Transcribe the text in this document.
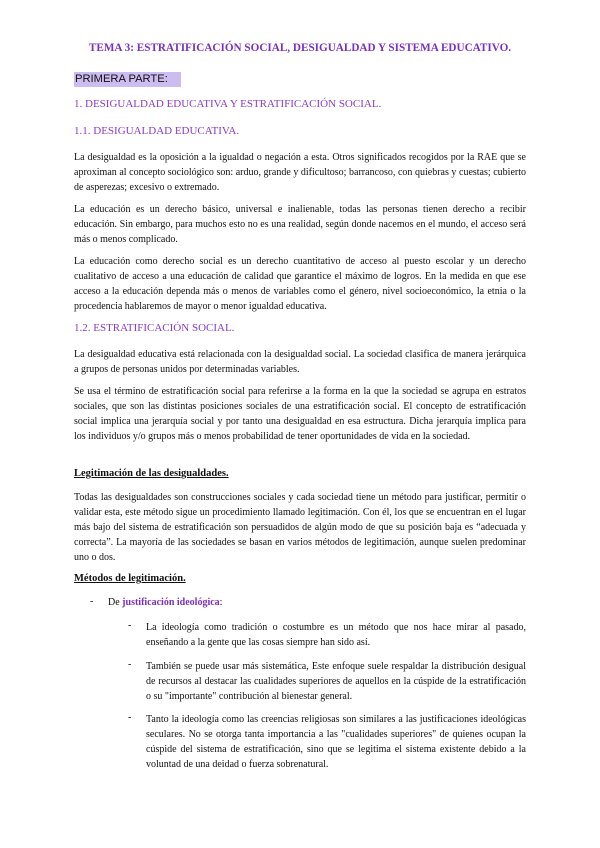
TEMA 3: ESTRATIFICACIÓN SOCIAL, DESIGUALDAD Y SISTEMA EDUCATIVO.
PRIMERA PARTE:
1. DESIGUALDAD EDUCATIVA Y ESTRATIFICACIÓN SOCIAL.
1.1. DESIGUALDAD EDUCATIVA.

La desigualdad es la oposición a la igualdad o negación a esta. Otros significados recogidos por la RAE que se aproximan al concepto sociológico son: arduo, grande y dificultoso; barrancoso, con quiebras y cuestas; cubierto de asperezas; excesivo o extremado.

La educación es un derecho básico, universal e inalienable, todas las personas tienen derecho a recibir educación. Sin embargo, para muchos esto no es una realidad, según donde nacemos en el mundo, el acceso será más o menos complicado.

La educación como derecho social es un derecho cuantitativo de acceso al puesto escolar y un derecho cualitativo de acceso a una educación de calidad que garantice el máximo de logros. En la medida en que ese acceso a la educación dependa más o menos de variables como el género, nivel socioeconómico, la etnia o la procedencia hablaremos de mayor o menor igualdad educativa.

1.2. ESTRATIFICACIÓN SOCIAL.

La desigualdad educativa está relacionada con la desigualdad social. La sociedad clasifica de manera jerárquica a grupos de personas unidos por determinadas variables.

Se usa el término de estratificación social para referirse a la forma en la que la sociedad se agrupa en estratos sociales, que son las distintas posiciones sociales de una estratificación social. El concepto de estratificación social implica una jerarquía social y por tanto una desigualdad en esa estructura. Dicha jerarquía implica para los individuos y/o grupos más o menos probabilidad de tener oportunidades de vida en la sociedad.

Legitimación de las desigualdades.

Todas las desigualdades son construcciones sociales y cada sociedad tiene un método para justificar, permitir o validar esta, este método sigue un procedimiento llamado legitimación. Con él, los que se encuentran en el lugar más bajo del sistema de estratificación son persuadidos de algún modo de que su posición baja es “adecuada y correcta”. La mayoría de las sociedades se basan en varios métodos de legitimación, aunque suelen predominar uno o dos.

Métodos de legitimación.
- De justificación ideológica:
- La ideología como tradición o costumbre es un método que nos hace mirar al pasado, enseñando a la gente que las cosas siempre han sido así.

- También se puede usar más sistemática, Este enfoque suele respaldar la distribución desigual de recursos al destacar las cualidades superiores de aquellos en la cúspide de la estratificación o su "importante" contribución al bienestar general.

- Tanto la ideología como las creencias religiosas son similares a las justificaciones ideológicas seculares. No se otorga tanta importancia a las "cualidades superiores" de quienes ocupan la cúspide del sistema de estratificación, sino que se legitima el sistema existente debido a la voluntad de una deidad o fuerza sobrenatural.
